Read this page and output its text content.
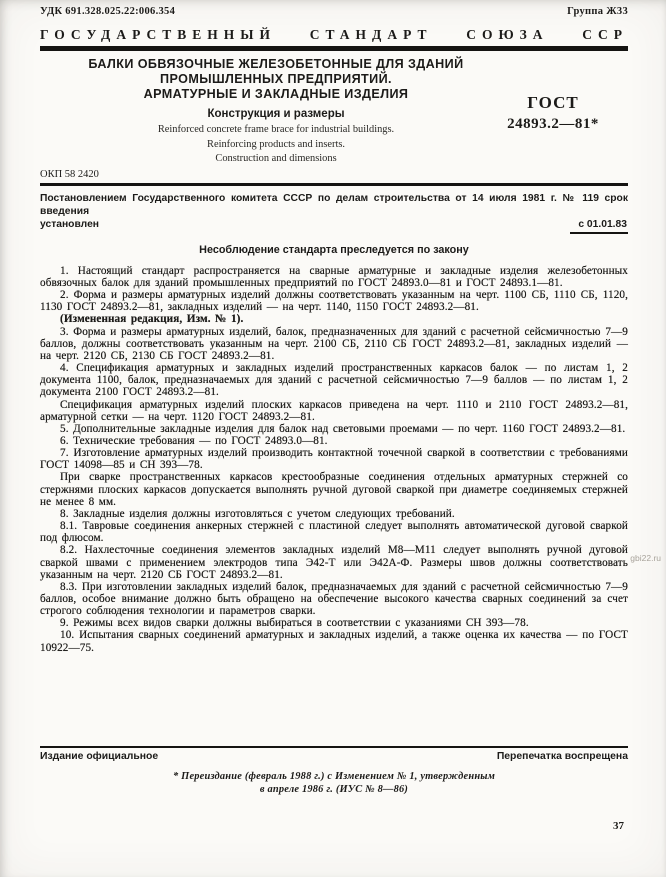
УДК 691.328.025.22:006.354	Группа Ж33
ГОСУДАРСТВЕННЫЙ СТАНДАРТ СОЮЗА ССР
БАЛКИ ОБВЯЗОЧНЫЕ ЖЕЛЕЗОБЕТОННЫЕ ДЛЯ ЗДАНИЙ
ПРОМЫШЛЕННЫХ ПРЕДПРИЯТИЙ.
АРМАТУРНЫЕ И ЗАКЛАДНЫЕ ИЗДЕЛИЯ
Конструкция и размеры
Reinforced concrete frame brace for industrial buildings.
Reinforcing products and inserts.
Construction and dimensions
ГОСТ
24893.2—81*
ОКП 58 2420
Постановлением Государственного комитета СССР по делам строительства от 14 июля 1981 г. № 119 срок введения
установлен	с 01.01.83
Несоблюдение стандарта преследуется по закону

1. Настоящий стандарт распространяется на сварные арматурные и закладные изделия железобетонных обвязочных балок для зданий промышленных предприятий по ГОСТ 24893.0—81 и ГОСТ 24893.1—81.

2. Форма и размеры арматурных изделий должны соответствовать указанным на черт. 1100 СБ, 1110 СБ, 1120, 1130 ГОСТ 24893.2—81, закладных изделий — на черт. 1140, 1150 ГОСТ 24893.2—81.

(Измененная редакция, Изм. № 1).

3. Форма и размеры арматурных изделий, балок, предназначенных для зданий с расчетной сейсмичностью 7—9 баллов, должны соответствовать указанным на черт. 2100 СБ, 2110 СБ ГОСТ 24893.2—81, закладных изделий — на черт. 2120 СБ, 2130 СБ ГОСТ 24893.2—81.

4. Спецификация арматурных и закладных изделий пространственных каркасов балок — по листам 1, 2 документа 1100, балок, предназначаемых для зданий с расчетной сейсмичностью 7—9 баллов — по листам 1, 2 документа 2100 ГОСТ 24893.2—81.

Спецификация арматурных изделий плоских каркасов приведена на черт. 1110 и 2110 ГОСТ 24893.2—81, арматурной сетки — на черт. 1120 ГОСТ 24893.2—81.

5. Дополнительные закладные изделия для балок над световыми проемами — по черт. 1160 ГОСТ 24893.2—81.

6. Технические требования — по ГОСТ 24893.0—81.

7. Изготовление арматурных изделий производить контактной точечной сваркой в соответствии с требованиями ГОСТ 14098—85 и СН 393—78.

При сварке пространственных каркасов крестообразные соединения отдельных арматурных стержней со стержнями плоских каркасов допускается выполнять ручной дуговой сваркой при диаметре соединяемых стержней не менее 8 мм.

8. Закладные изделия должны изготовляться с учетом следующих требований.

8.1. Тавровые соединения анкерных стержней с пластиной следует выполнять автоматической дуговой сваркой под флюсом.

8.2. Нахлесточные соединения элементов закладных изделий М8—М11 следует выполнять ручной дуговой сваркой швами с применением электродов типа Э42-Т или Э42А-Ф. Размеры швов должны соответствовать указанным на черт. 2120 СБ ГОСТ 24893.2—81.

8.3. При изготовлении закладных изделий балок, предназначаемых для зданий с расчетной сейсмичностью 7—9 баллов, особое внимание должно быть обращено на обеспечение высокого качества сварных соединений за счет строгого соблюдения технологии и параметров сварки.

9. Режимы всех видов сварки должны выбираться в соответствии с указаниями СН 393—78.

10. Испытания сварных соединений арматурных и закладных изделий, а также оценка их качества — по ГОСТ 10922—75.

Издание официальное	Перепечатка воспрещена
* Переиздание (февраль 1988 г.) с Изменением № 1, утвержденным
в апреле 1986 г. (ИУС № 8—86)
37
gbi22.ru
